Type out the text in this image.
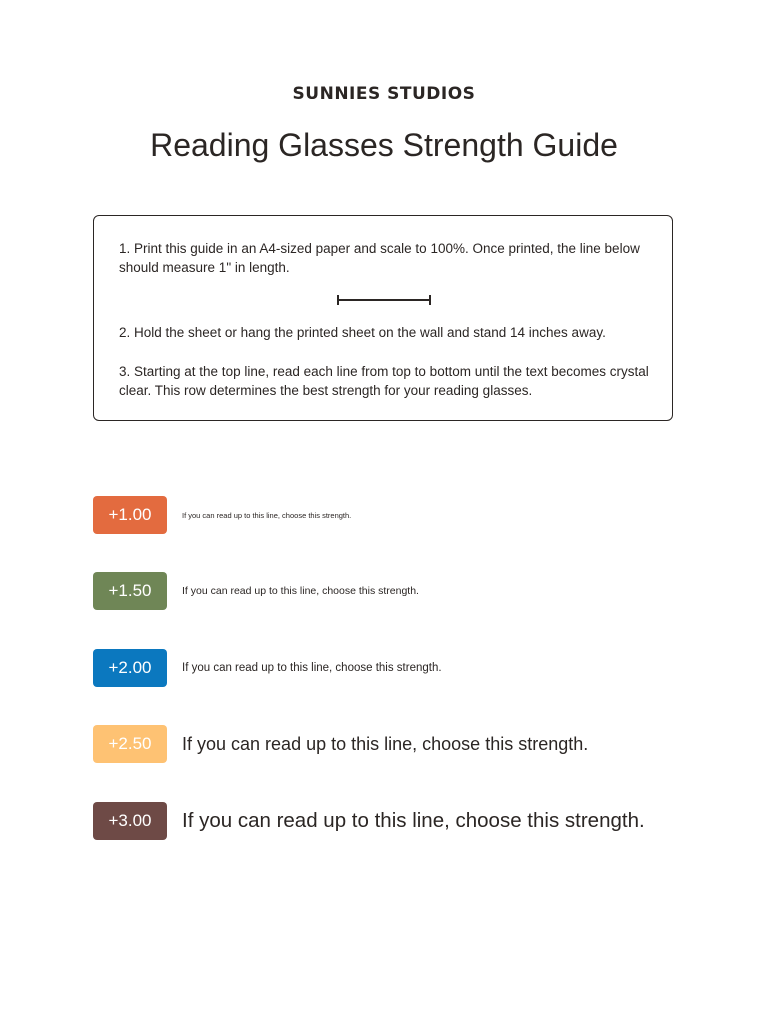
SUNNIES STUDIOS
Reading Glasses Strength Guide

1. Print this guide in an A4-sized paper and scale to 100%. Once printed, the line below should measure 1" in length.

2. Hold the sheet or hang the printed sheet on the wall and stand 14 inches away.

3. Starting at the top line, read each line from top to bottom until the text becomes crystal clear. This row determines the best strength for your reading glasses.

+1.00	If you can read up to this line, choose this strength.
+1.50	If you can read up to this line, choose this strength.
+2.00	If you can read up to this line, choose this strength.
+2.50	If you can read up to this line, choose this strength.
+3.00	If you can read up to this line, choose this strength.
